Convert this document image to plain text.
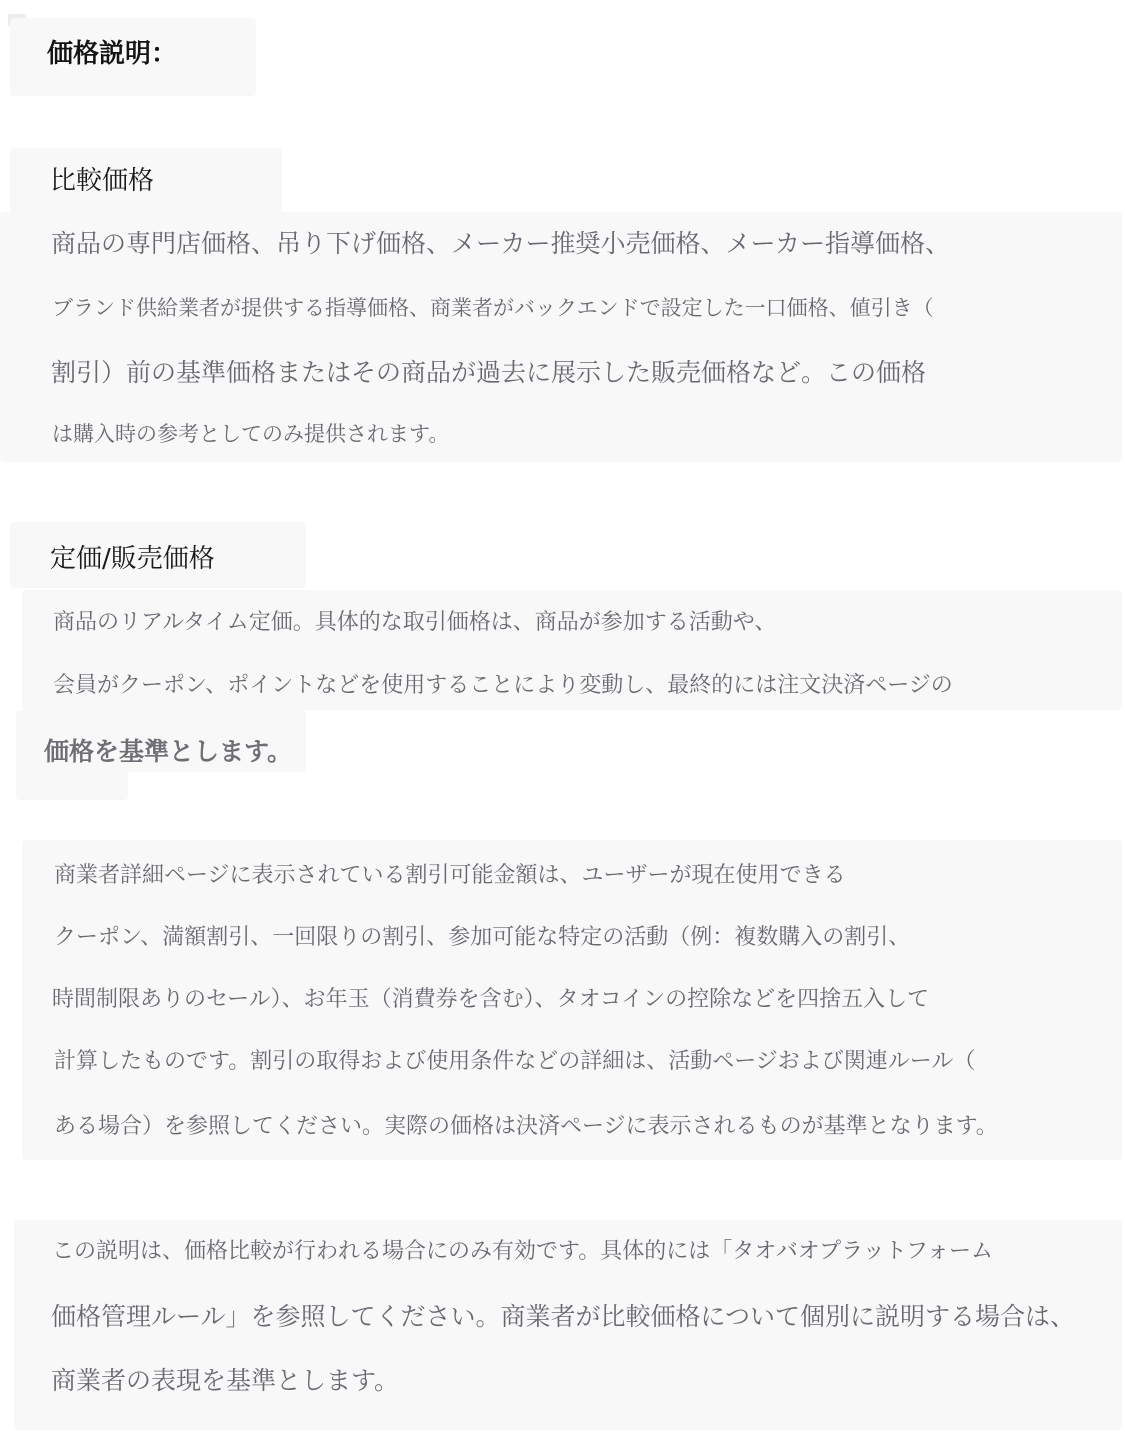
価格説明：
比較価格
商品の専門店価格、吊り下げ価格、メーカー推奨小売価格、メーカー指導価格、
ブランド供給業者が提供する指導価格、商業者がバックエンドで設定した一口価格、値引き（
割引）前の基準価格またはその商品が過去に展示した販売価格など。この価格
は購入時の参考としてのみ提供されます。
定価/販売価格
商品のリアルタイム定価。具体的な取引価格は、商品が参加する活動や、
会員がクーポン、ポイントなどを使用することにより変動し、最終的には注文決済ページの
価格を基準とします。
商業者詳細ページに表示されている割引可能金額は、ユーザーが現在使用できる
クーポン、満額割引、一回限りの割引、参加可能な特定の活動（例：複数購入の割引、
時間制限ありのセール）、お年玉（消費券を含む）、タオコインの控除などを四捨五入して
計算したものです。割引の取得および使用条件などの詳細は、活動ページおよび関連ルール（
ある場合）を参照してください。実際の価格は決済ページに表示されるものが基準となります。
この説明は、価格比較が行われる場合にのみ有効です。具体的には「タオバオプラットフォーム
価格管理ルール」を参照してください。商業者が比較価格について個別に説明する場合は、
商業者の表現を基準とします。
